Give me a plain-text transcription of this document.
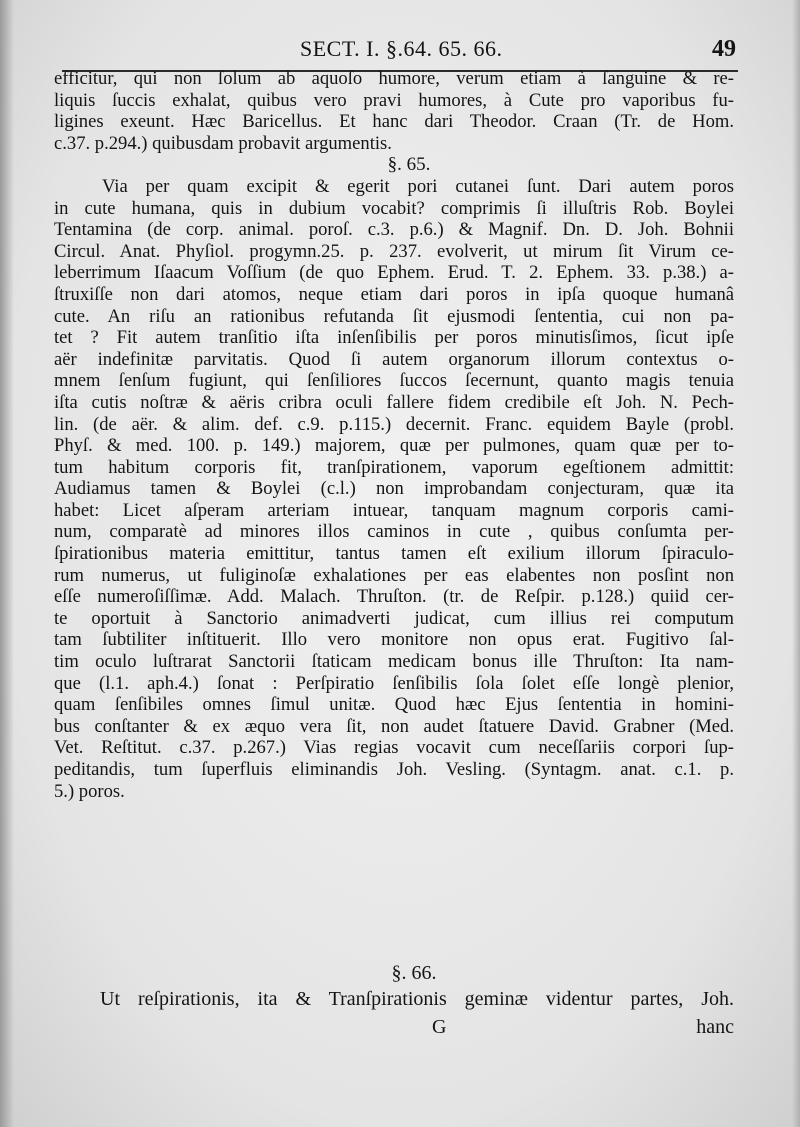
SECT. I. §.64. 65. 66.	49
efficitur, qui non ſolum ab aquoſo humore, verum etiam à ſanguine & re-
liquis ſuccis exhalat, quibus vero pravi humores, à Cute pro vaporibus fu-
ligines exeunt. Hæc Baricellus. Et hanc dari Theodor. Craan (Tr. de Hom.
c.37. p.294.) quibusdam probavit argumentis.
§. 65.
Via per quam excipit & egerit pori cutanei ſunt. Dari autem poros
in cute humana, quis in dubium vocabit? comprimis ſi illuſtris Rob. Boylei
Tentamina (de corp. animal. poroſ. c.3. p.6.) & Magnif. Dn. D. Joh. Bohnii
Circul. Anat. Phyſiol. progymn.25. p. 237. evolverit, ut mirum ſit Virum ce-
leberrimum Iſaacum Voſſium (de quo Ephem. Erud. T. 2. Ephem. 33. p.38.) a-
ſtruxiſſe non dari atomos, neque etiam dari poros in ipſa quoque humanâ
cute. An riſu an rationibus refutanda ſit ejusmodi ſententia, cui non pa-
tet ? Fit autem tranſitio iſta inſenſibilis per poros minutisſimos, ſicut ipſe
aër indefinitæ parvitatis. Quod ſi autem organorum illorum contextus o-
mnem ſenſum fugiunt, qui ſenſiliores ſuccos ſecernunt, quanto magis tenuia
iſta cutis noſtræ & aëris cribra oculi fallere fidem credibile eſt Joh. N. Pech-
lin. (de aër. & alim. def. c.9. p.115.) decernit. Franc. equidem Bayle (probl.
Phyſ. & med. 100. p. 149.) majorem, quæ per pulmones, quam quæ per to-
tum habitum corporis fit, tranſpirationem, vaporum egeſtionem admittit:
Audiamus tamen & Boylei (c.l.) non improbandam conjecturam, quæ ita
habet: Licet aſperam arteriam intuear, tanquam magnum corporis cami-
num, comparatè ad minores illos caminos in cute , quibus conſumta per-
ſpirationibus materia emittitur, tantus tamen eſt exilium illorum ſpiraculo-
rum numerus, ut fuliginoſæ exhalationes per eas elabentes non posſint non
eſſe numeroſiſſimæ. Add. Malach. Thruſton. (tr. de Reſpir. p.128.) quiid cer-
te oportuit à Sanctorio animadverti judicat, cum illius rei computum
tam ſubtiliter inſtituerit. Illo vero monitore non opus erat. Fugitivo ſal-
tim oculo luſtrarat Sanctorii ſtaticam medicam bonus ille Thruſton: Ita nam-
que (l.1. aph.4.) ſonat : Perſpiratio ſenſibilis ſola ſolet eſſe longè plenior,
quam ſenſibiles omnes ſimul unitæ. Quod hæc Ejus ſententia in homini-
bus conſtanter & ex æquo vera ſit, non audet ſtatuere David. Grabner (Med.
Vet. Reſtitut. c.37. p.267.) Vias regias vocavit cum neceſſariis corpori ſup-
peditandis, tum ſuperfluis eliminandis Joh. Vesling. (Syntagm. anat. c.1. p.
5.) poros.
§. 66.
Ut reſpirationis, ita & Tranſpirationis geminæ videntur partes, Joh.
G	hanc
